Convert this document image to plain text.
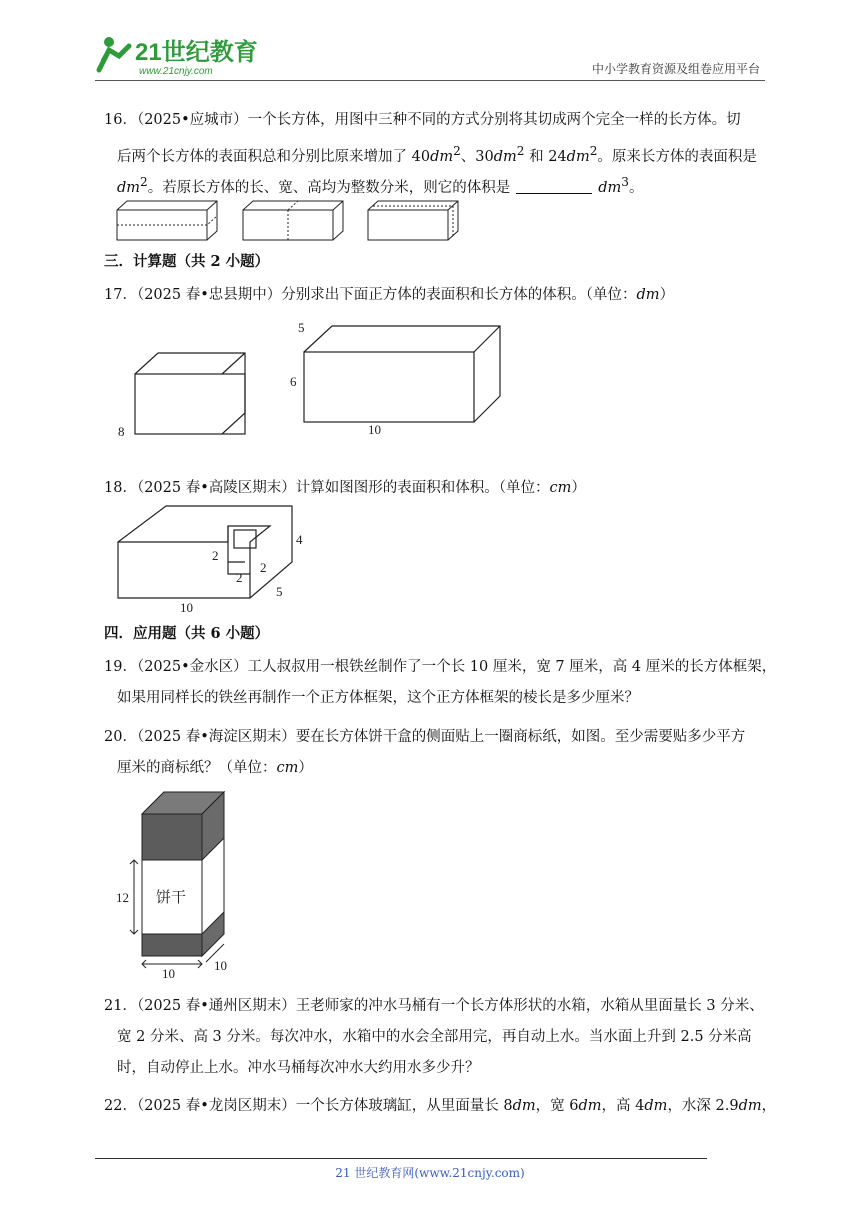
21世纪教育
www.21cnjy.com	中小学教育资源及组卷应用平台
16．（2025•应城市）一个长方体，用图中三种不同的方式分别将其切成两个完全一样的长方体。切
后两个长方体的表面积总和分别比原来增加了 $40dm^2$、$30dm^2$ 和 $24dm^2$。原来长方体的表面积是
$dm^2$。若原长方体的长、宽、高均为整数分米，则它的体积是	$dm^3$。
三．计算题（共 2 小题）
17．（2025 春•忠县期中）分别求出下面正方体的表面积和长方体的体积。（单位：dm）
8
5
6
10
18．（2025 春•高陵区期末）计算如图图形的表面积和体积。（单位：cm）
2
2
2
4
5
10
四．应用题（共 6 小题）
19．（2025•金水区）工人叔叔用一根铁丝制作了一个长 10 厘米，宽 7 厘米，高 4 厘米的长方体框架，
如果用同样长的铁丝再制作一个正方体框架，这个正方体框架的棱长是多少厘米？
20．（2025 春•海淀区期末）要在长方体饼干盒的侧面贴上一圈商标纸，如图。至少需要贴多少平方
厘米的商标纸？（单位：cm）
饼干
12
10
10
21．（2025 春•通州区期末）王老师家的冲水马桶有一个长方体形状的水箱，水箱从里面量长 3 分米、
宽 2 分米、高 3 分米。每次冲水，水箱中的水会全部用完，再自动上水。当水面上升到 2.5 分米高
时，自动停止上水。冲水马桶每次冲水大约用水多少升？
22．（2025 春•龙岗区期末）一个长方体玻璃缸，从里面量长 8dm，宽 6dm，高 4dm，水深 2.9dm，
21 世纪教育网(www.21cnjy.com)
